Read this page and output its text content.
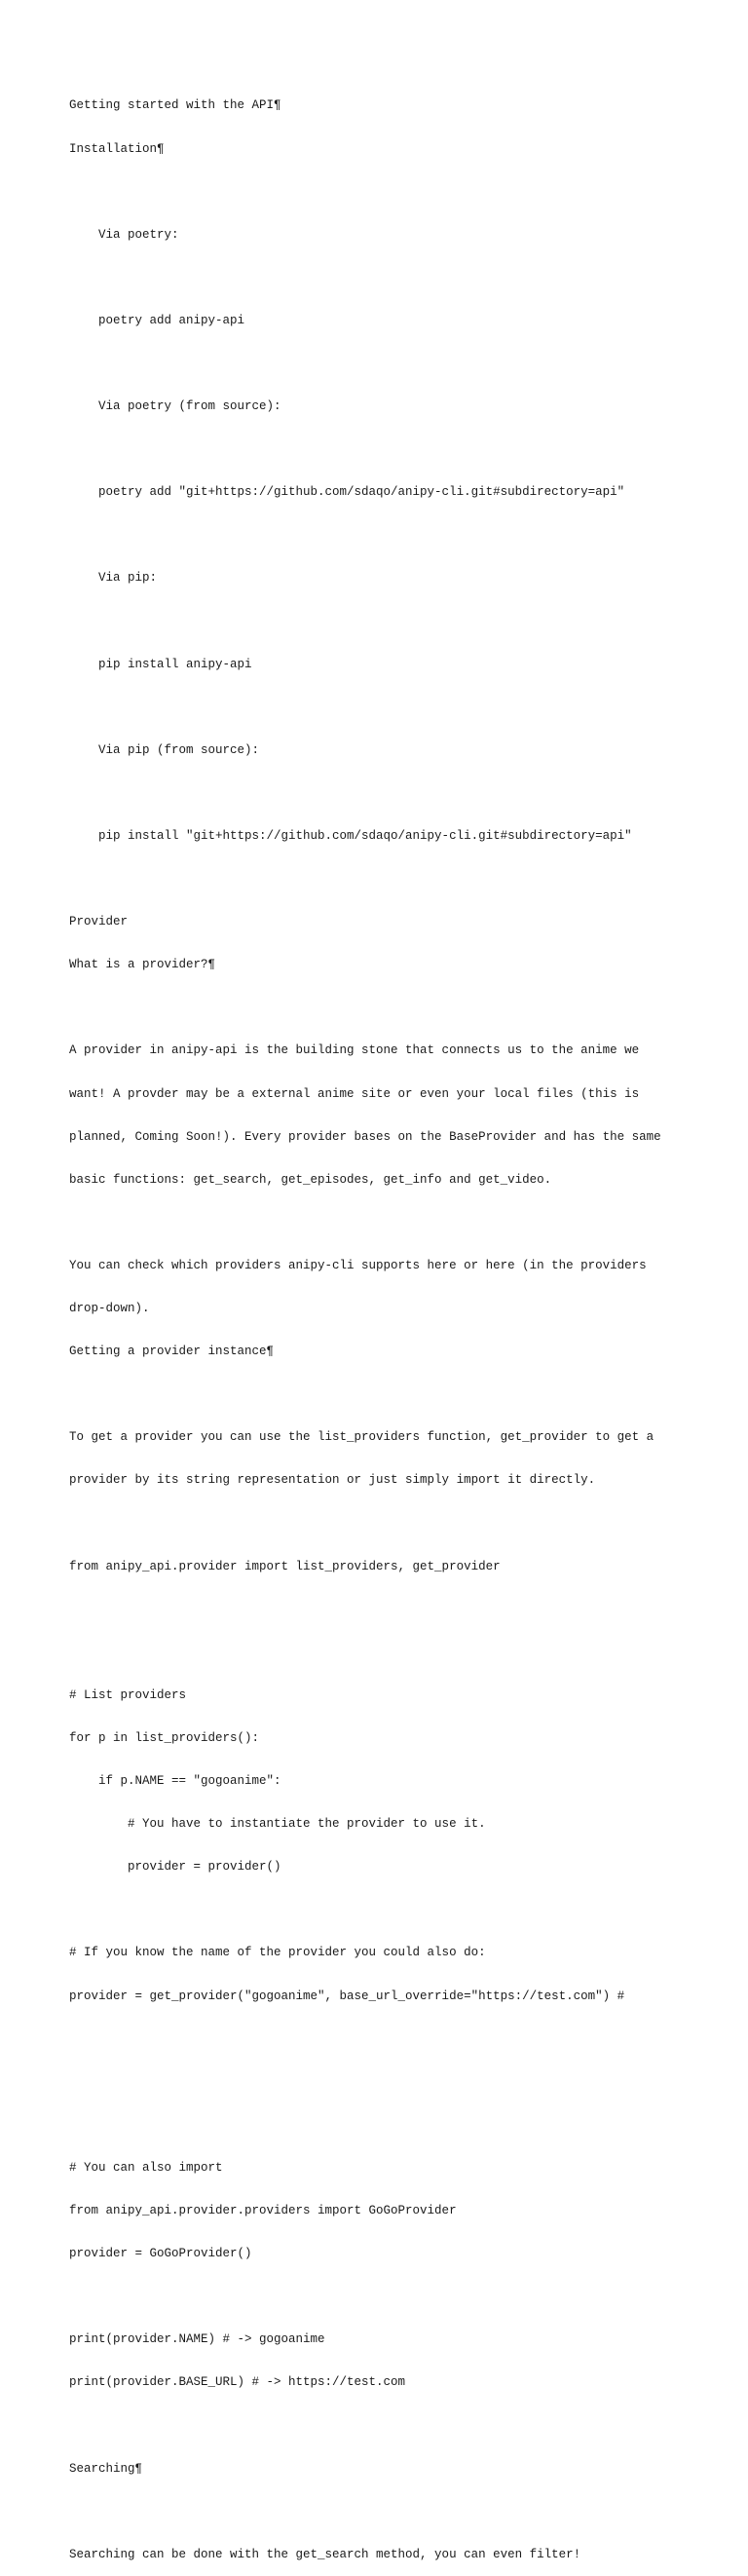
Getting started with the API¶

Installation¶

Via poetry:

poetry add anipy-api

Via poetry (from source):

poetry add "git+https://github.com/sdaqo/anipy-cli.git#subdirectory=api"

Via pip:

pip install anipy-api

Via pip (from source):

pip install "git+https://github.com/sdaqo/anipy-cli.git#subdirectory=api"

Provider

What is a provider?¶

A provider in anipy-api is the building stone that connects us to the anime we

want! A provder may be a external anime site or even your local files (this is

planned, Coming Soon!). Every provider bases on the BaseProvider and has the same

basic functions: get_search, get_episodes, get_info and get_video.

You can check which providers anipy-cli supports here or here (in the providers

drop-down).

Getting a provider instance¶

To get a provider you can use the list_providers function, get_provider to get a

provider by its string representation or just simply import it directly.

from anipy_api.provider import list_providers, get_provider

# List providers

for p in list_providers():

if p.NAME == "gogoanime":

# You have to instantiate the provider to use it.

provider = provider()

# If you know the name of the provider you could also do:

provider = get_provider("gogoanime", base_url_override="https://test.com") #

# You can also import

from anipy_api.provider.providers import GoGoProvider

provider = GoGoProvider()

print(provider.NAME) # -> gogoanime

print(provider.BASE_URL) # -> https://test.com

Searching¶

Searching can be done with the get_search method, you can even filter!
